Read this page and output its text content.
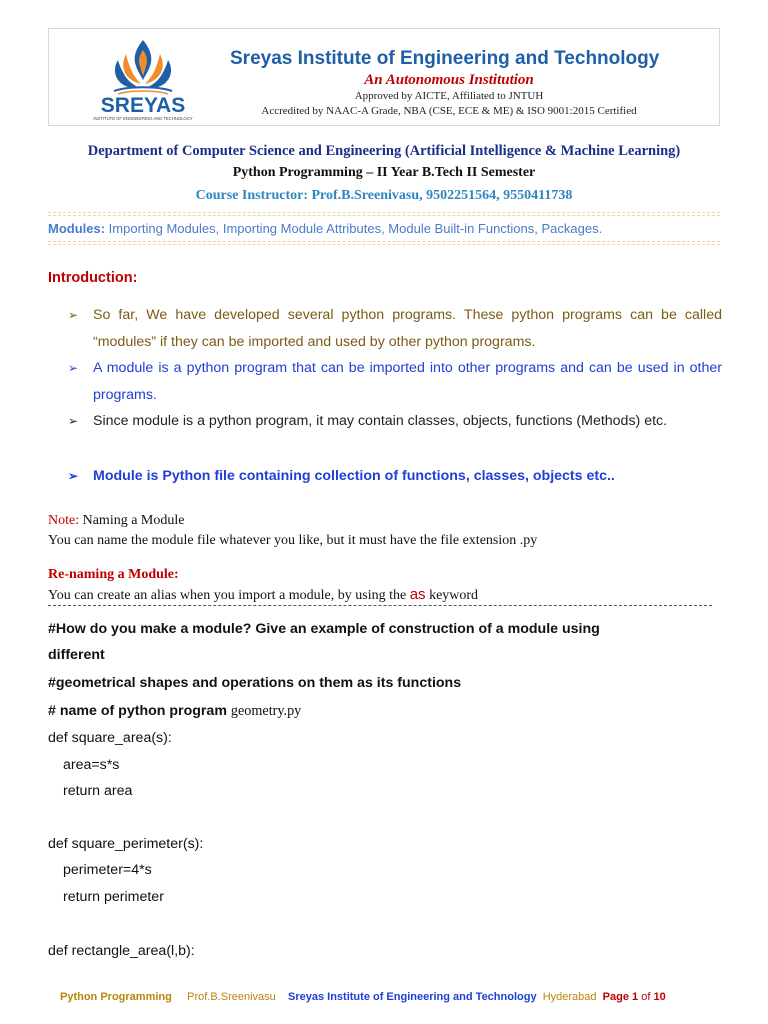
SREYAS
INSTITUTE OF ENGINEERING AND TECHNOLOGY
Sreyas Institute of Engineering and Technology
An Autonomous Institution
Approved by AICTE, Affiliated to JNTUH
Accredited by NAAC-A Grade, NBA (CSE, ECE & ME) & ISO 9001:2015 Certified
Department of Computer Science and Engineering (Artificial Intelligence & Machine Learning)
Python Programming – II Year B.Tech II Semester
Course Instructor: Prof.B.Sreenivasu, 9502251564, 9550411738
Modules: Importing Modules, Importing Module Attributes, Module Built-in Functions, Packages.
Introduction:
➢ So far, We have developed several python programs. These python programs can be called “modules” if they can be imported and used by other python programs.
➢ A module is a python program that can be imported into other programs and can be used in other programs.
➢ Since module is a python program, it may contain classes, objects, functions (Methods) etc.
➢ Module is Python file containing collection of functions, classes, objects etc..
Note: Naming a Module
You can name the module file whatever you like, but it must have the file extension .py
Re-naming a Module:
You can create an alias when you import a module, by using the as keyword
#How do you make a module? Give an example of construction of a module using
different
#geometrical shapes and operations on them as its functions
# name of python program geometry.py
def square_area(s):
area=s*s
return area
def square_perimeter(s):
perimeter=4*s
return perimeter
def rectangle_area(l,b):
Python Programming Prof.B.Sreenivasu Sreyas Institute of Engineering and Technology Hyderabad Page 1 of 10
